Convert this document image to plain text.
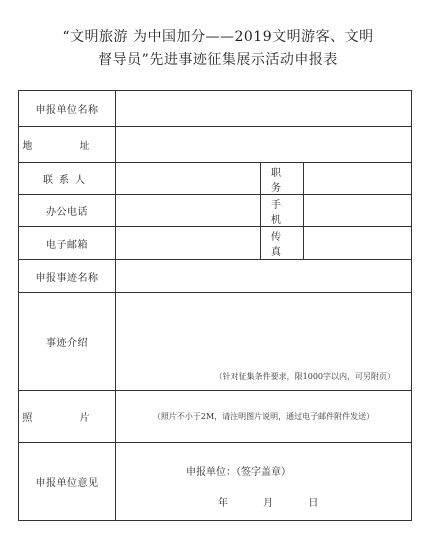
“文明旅游 为中国加分——2019文明游客、文明
督导员”先进事迹征集展示活动申报表
申报单位名称			
地 址			
联系人		职 务	
办公电话		手 机	
电子邮箱		传 真	
申报事迹名称			
事迹介绍	（针对征集条件要求，限1000字以内，可另附页）		

照 片	（照片不小于2M，请注明图片说明，通过电子邮件附件发送）		
申报单位意见	申报单位：（签字盖章）
年 月 日		
